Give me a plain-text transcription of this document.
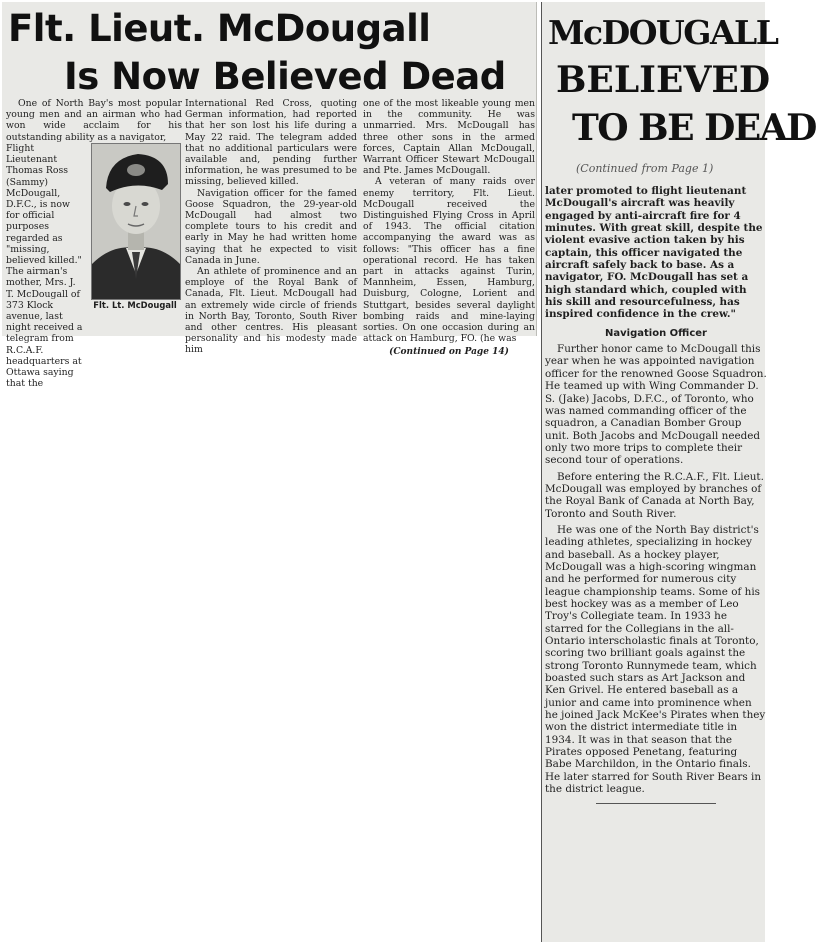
Flt. Lieut. McDougall
Is Now Believed Dead
One of North Bay's most popular young men and an airman who had won wide acclaim for his outstanding ability as a navigator,
Flight Lieutenant Thomas Ross (Sammy) McDougall, D.F.C., is now for official purposes regarded as "missing, believed killed." The airman's mother, Mrs. J. T. McDougall of 373 Klock avenue, last night received a telegram from R.C.A.F. headquarters at Ottawa saying that the
Flt. Lt. McDougall

International Red Cross, quoting German information, had reported that her son lost his life during a May 22 raid. The telegram added that no additional particulars were available and, pending further information, he was presumed to be missing, believed killed.

Navigation officer for the famed Goose Squadron, the 29-year-old McDougall had almost two complete tours to his credit and early in May he had written home saying that he expected to visit Canada in June.

An athlete of prominence and an employe of the Royal Bank of Canada, Flt. Lieut. McDougall had an extremely wide circle of friends in North Bay, Toronto, South River and other centres. His pleasant personality and his modesty made him

one of the most likeable young men in the community. He was unmarried. Mrs. McDougall has three other sons in the armed forces, Captain Allan McDougall, Warrant Officer Stewart McDougall and Pte. James McDougall.

A veteran of many raids over enemy territory, Flt. Lieut. McDougall received the Distinguished Flying Cross in April of 1943. The official citation accompanying the award was as follows: "This officer has a fine operational record. He has taken part in attacks against Turin, Mannheim, Essen, Hamburg, Duisburg, Cologne, Lorient and Stuttgart, besides several daylight bombing raids and mine-laying sorties. On one occasion during an attack on Hamburg, FO. (he was

(Continued on Page 14)
McDOUGALL
BELIEVED
TO BE DEAD
(Continued from Page 1)

later promoted to flight lieutenant McDougall's aircraft was heavily engaged by anti-aircraft fire for 4 minutes. With great skill, despite the violent evasive action taken by his captain, this officer navigated the aircraft safely back to base. As a navigator, FO. McDougall has set a high standard which, coupled with his skill and resourcefulness, has inspired confidence in the crew."

Navigation Officer

Further honor came to McDougall this year when he was appointed navigation officer for the renowned Goose Squadron. He teamed up with Wing Commander D. S. (Jake) Jacobs, D.F.C., of Toronto, who was named commanding officer of the squadron, a Canadian Bomber Group unit. Both Jacobs and McDougall needed only two more trips to complete their second tour of operations.

Before entering the R.C.A.F., Flt. Lieut. McDougall was employed by branches of the Royal Bank of Canada at North Bay, Toronto and South River.

He was one of the North Bay district's leading athletes, specializing in hockey and baseball. As a hockey player, McDougall was a high-scoring wingman and he performed for numerous city league championship teams. Some of his best hockey was as a member of Leo Troy's Collegiate team. In 1933 he starred for the Collegians in the all-Ontario interscholastic finals at Toronto, scoring two brilliant goals against the strong Toronto Runnymede team, which boasted such stars as Art Jackson and Ken Grivel. He entered baseball as a junior and came into prominence when he joined Jack McKee's Pirates when they won the district intermediate title in 1934. It was in that season that the Pirates opposed Penetang, featuring Babe Marchildon, in the Ontario finals. He later starred for South River Bears in the district league.
